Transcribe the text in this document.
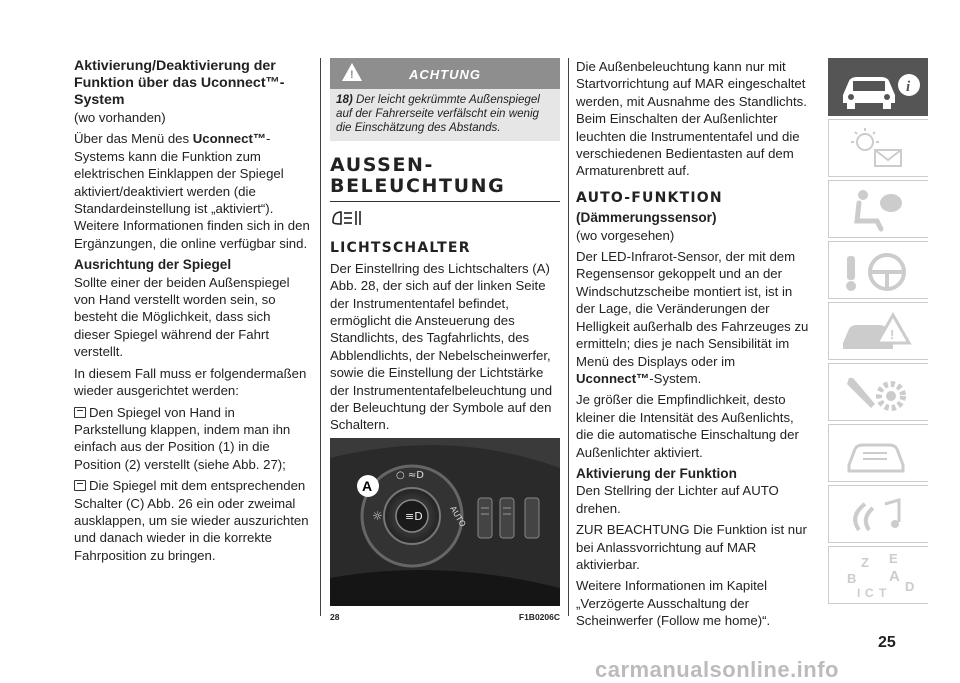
Aktivierung/Deaktivierung der Funktion über das Uconnect™-System

(wo vorhanden)

Über das Menü des Uconnect™-Systems kann die Funktion zum elektrischen Einklappen der Spiegel aktiviert/deaktiviert werden (die Standardeinstellung ist „aktiviert“). Weitere Informationen finden sich in den Ergänzungen, die online verfügbar sind.

Ausrichtung der Spiegel

Sollte einer der beiden Außenspiegel von Hand verstellt worden sein, so besteht die Möglichkeit, dass sich dieser Spiegel während der Fahrt verstellt.

In diesem Fall muss er folgendermaßen wieder ausgerichtet werden:

Den Spiegel von Hand in Parkstellung klappen, indem man ihn einfach aus der Position (1) in die Position (2) verstellt (siehe Abb. 27);

Die Spiegel mit dem entsprechenden Schalter (C) Abb. 26 ein oder zweimal ausklappen, um sie wieder auszurichten und danach wieder in die korrekte Fahrposition zu bringen.

!	ACHTUNG
18) Der leicht gekrümmte Außenspiegel auf der Fahrerseite verfälscht ein wenig die Einschätzung des Abstands.

AUSSEN-BELEUCHTUNG

LICHTSCHALTER

Der Einstellring des Lichtschalters (A) Abb. 28, der sich auf der linken Seite der Instrumententafel befindet, ermöglicht die Ansteuerung des Standlichts, des Tagfahrlichts, des Abblendlichts, der Nebelscheinwerfer, sowie die Einstellung der Lichtstärke der Instrumententafelbeleuchtung und der Beleuchtung der Symbole auf den Schaltern.

≡D
☼
○ ≈D
AUTO
A
28	F1B0206C

Die Außenbeleuchtung kann nur mit Startvorrichtung auf MAR eingeschaltet werden, mit Ausnahme des Standlichts. Beim Einschalten der Außenlichter leuchten die Instrumententafel und die verschiedenen Bedientasten auf dem Armaturenbrett auf.

AUTO-FUNKTION

(Dämmerungssensor)

(wo vorgesehen)

Der LED-Infrarot-Sensor, der mit dem Regensensor gekoppelt und an der Windschutzscheibe montiert ist, ist in der Lage, die Veränderungen der Helligkeit außerhalb des Fahrzeuges zu ermitteln; dies je nach Sensibilität im Menü des Displays oder im Uconnect™-System.

Je größer die Empfindlichkeit, desto kleiner die Intensität des Außenlichts, die die automatische Einschaltung der Außenlichter aktiviert.

Aktivierung der Funktion

Den Stellring der Lichter auf AUTO drehen.

ZUR BEACHTUNG Die Funktion ist nur bei Anlassvorrichtung auf MAR aktivierbar.

Weitere Informationen im Kapitel „Verzögerte Ausschaltung der Scheinwerfer (Follow me home)“.

i
!
Z E
B A
D
C T
I
25
carmanualsonline.info
